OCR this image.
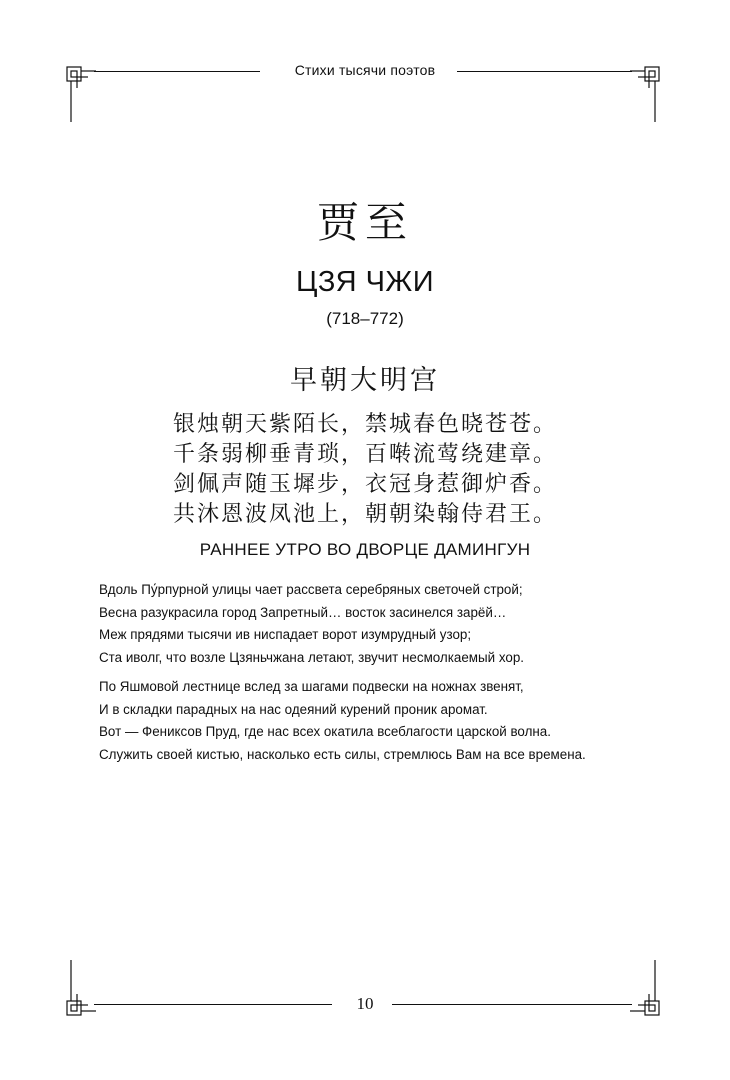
Стихи тысячи поэтов
贾至
ЦЗЯ ЧЖИ
(718–772)
早朝大明宫
银烛朝天紫陌长，禁城春色晓苍苍。
千条弱柳垂青琐，百啭流莺绕建章。
剑佩声随玉墀步，衣冠身惹御炉香。
共沐恩波凤池上，朝朝染翰侍君王。
РАННЕЕ УТРО ВО ДВОРЦЕ ДАМИНГУН
Вдоль Пу́рпурной улицы чает рассвета серебряных светочей строй;
Весна разукрасила город Запретный… восток засинелся зарёй…
Меж прядями тысячи ив ниспадает ворот изумрудный узор;
Ста иволг, что возле Цзяньчжана летают, звучит несмолкаемый хор.
По Яшмовой лестнице вслед за шагами подвески на ножнах звенят,
И в складки парадных на нас одеяний курений проник аромат.
Вот — Фениксов Пруд, где нас всех окатила всеблагости царской волна.
Служить своей кистью, насколько есть силы, стремлюсь Вам на все времена.
10
